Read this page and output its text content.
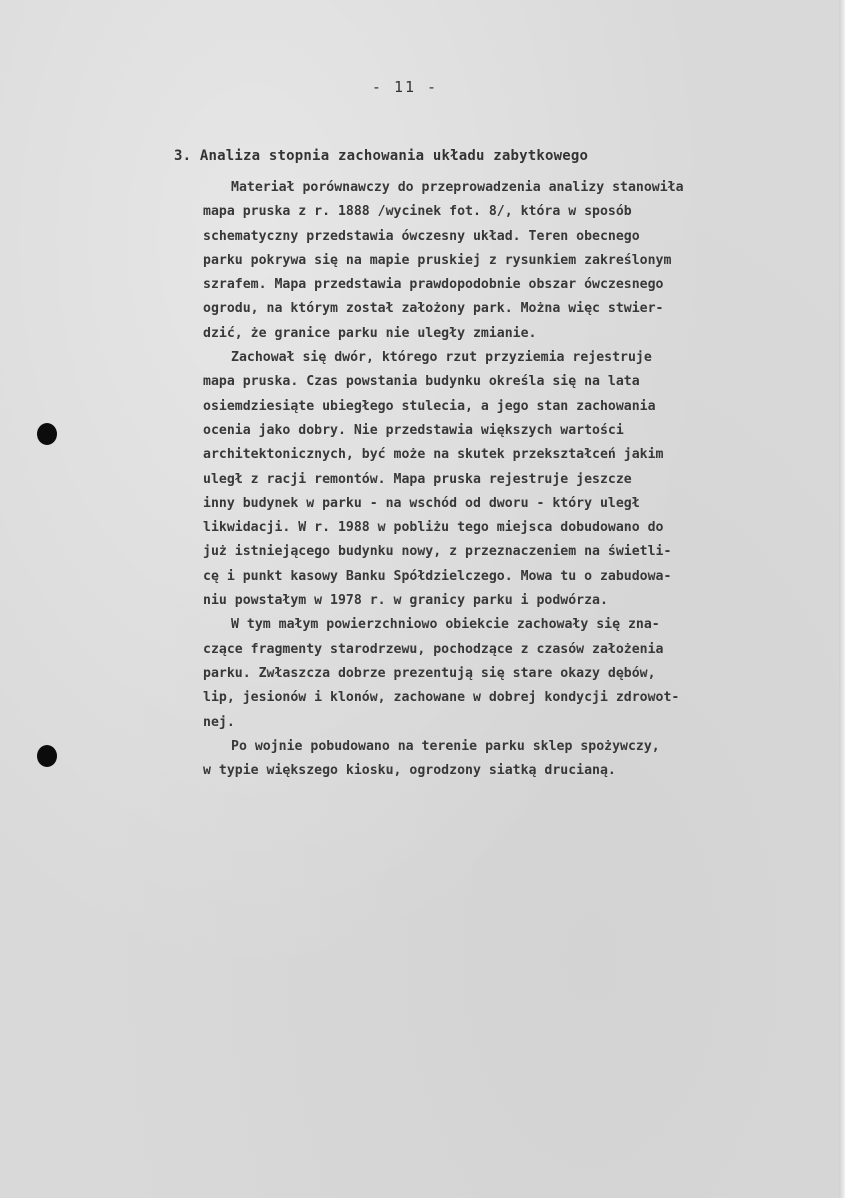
- 11 -
3. Analiza stopnia zachowania układu zabytkowego
Materiał porównawczy do przeprowadzenia analizy stanowiła
mapa pruska z r. 1888 /wycinek fot. 8/, która w sposób
schematyczny przedstawia ówczesny układ. Teren obecnego
parku pokrywa się na mapie pruskiej z rysunkiem zakreślonym
szrafem. Mapa przedstawia prawdopodobnie obszar ówczesnego
ogrodu, na którym został założony park. Można więc stwier-
dzić, że granice parku nie uległy zmianie.
Zachował się dwór, którego rzut przyziemia rejestruje
mapa pruska. Czas powstania budynku określa się na lata
osiemdziesiąte ubiegłego stulecia, a jego stan zachowania
ocenia jako dobry. Nie przedstawia większych wartości
architektonicznych, być może na skutek przekształceń jakim
uległ z racji remontów. Mapa pruska rejestruje jeszcze
inny budynek w parku - na wschód od dworu - który uległ
likwidacji. W r. 1988 w pobliżu tego miejsca dobudowano do
już istniejącego budynku nowy, z przeznaczeniem na świetli-
cę i punkt kasowy Banku Spółdzielczego. Mowa tu o zabudowa-
niu powstałym w 1978 r. w granicy parku i podwórza.
W tym małym powierzchniowo obiekcie zachowały się zna-
czące fragmenty starodrzewu, pochodzące z czasów założenia
parku. Zwłaszcza dobrze prezentują się stare okazy dębów,
lip, jesionów i klonów, zachowane w dobrej kondycji zdrowot-
nej.
Po wojnie pobudowano na terenie parku sklep spożywczy,
w typie większego kiosku, ogrodzony siatką drucianą.
